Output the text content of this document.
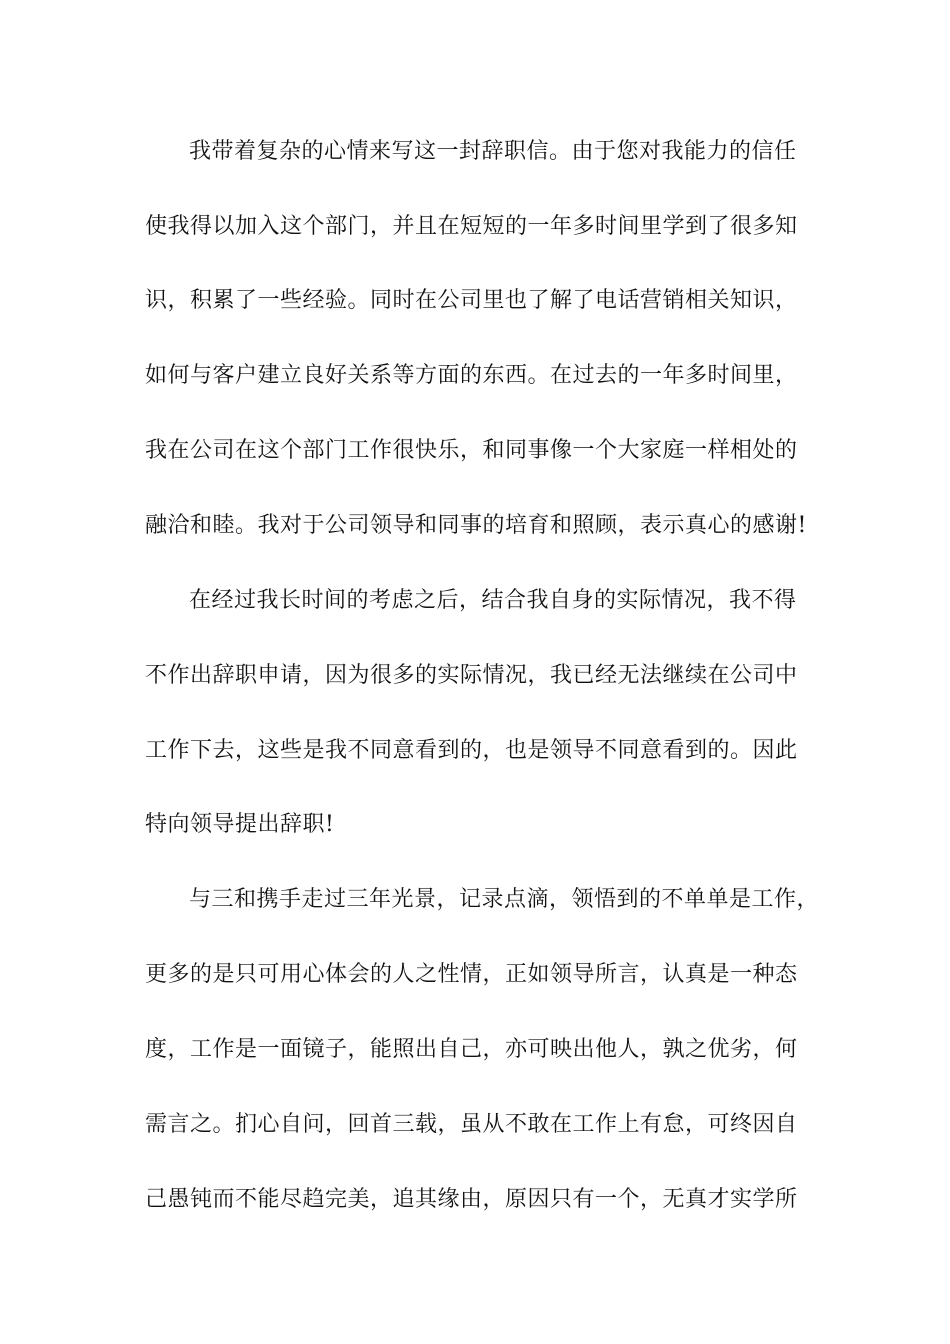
我带着复杂的心情来写这一封辞职信。由于您对我能力的信任
使我得以加入这个部门，并且在短短的一年多时间里学到了很多知
识，积累了一些经验。同时在公司里也了解了电话营销相关知识，
如何与客户建立良好关系等方面的东西。在过去的一年多时间里，
我在公司在这个部门工作很快乐，和同事像一个大家庭一样相处的
融洽和睦。我对于公司领导和同事的培育和照顾，表示真心的感谢!
在经过我长时间的考虑之后，结合我自身的实际情况，我不得
不作出辞职申请，因为很多的实际情况，我已经无法继续在公司中
工作下去，这些是我不同意看到的，也是领导不同意看到的。因此
特向领导提出辞职!
与三和携手走过三年光景，记录点滴，领悟到的不单单是工作，
更多的是只可用心体会的人之性情，正如领导所言，认真是一种态
度，工作是一面镜子，能照出自己，亦可映出他人，孰之优劣，何
需言之。扪心自问，回首三载，虽从不敢在工作上有怠，可终因自
己愚钝而不能尽趋完美，追其缘由，原因只有一个，无真才实学所
